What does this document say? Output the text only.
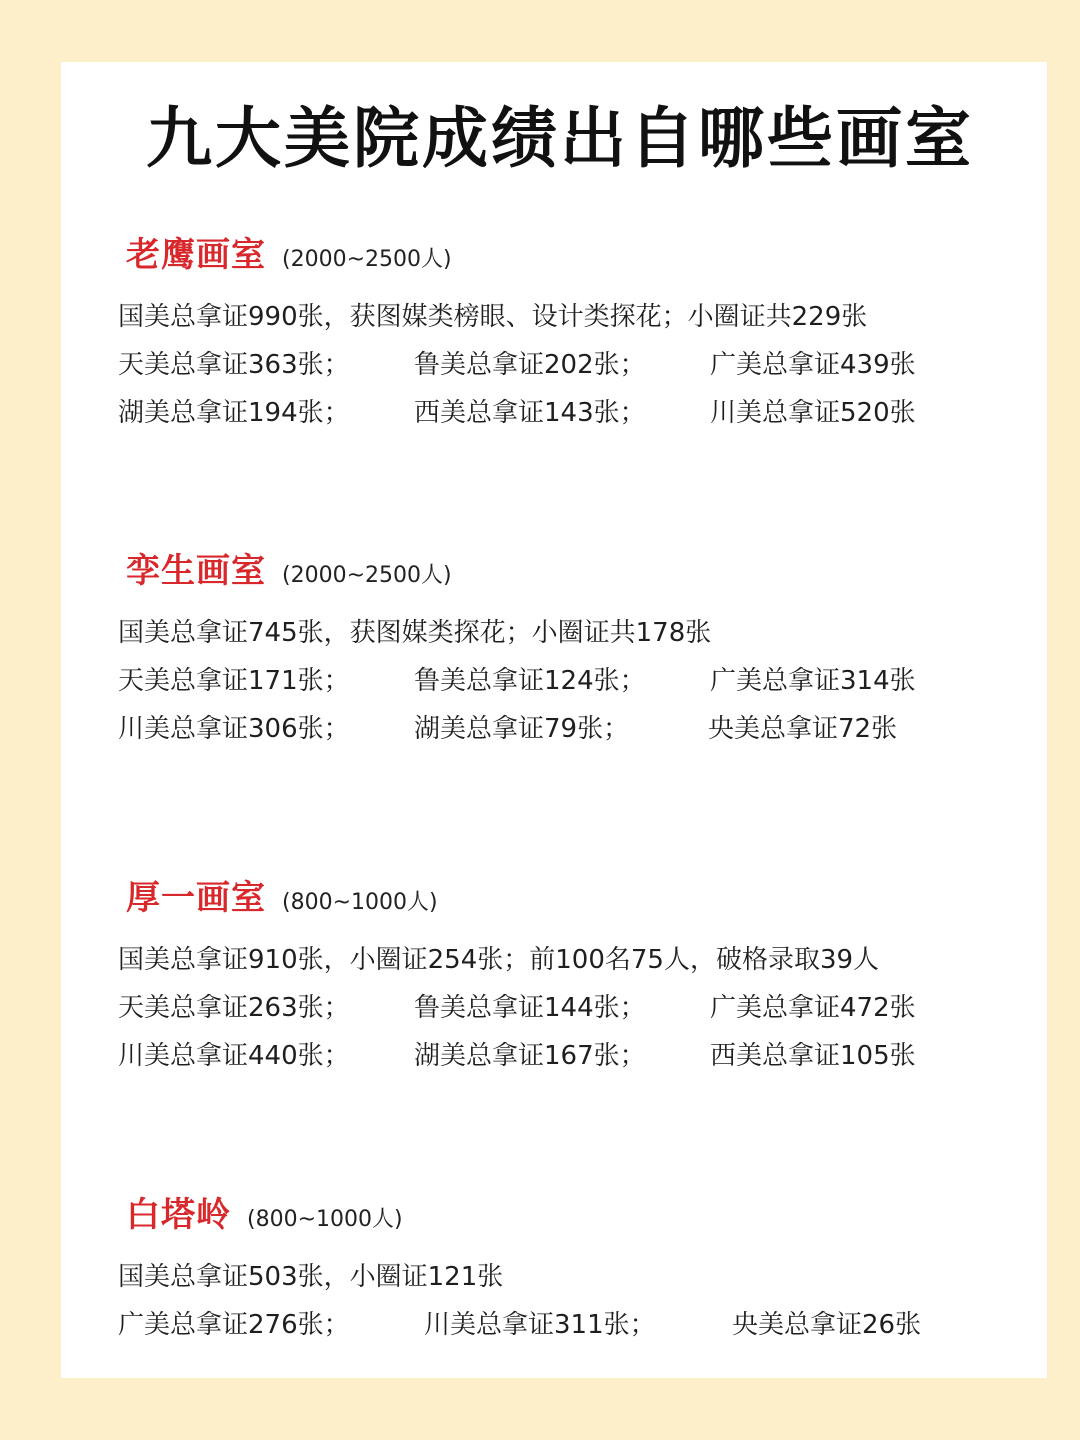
九大美院成绩出自哪些画室
老鹰画室 (2000~2500人)
国美总拿证990张，获图媒类榜眼、设计类探花；小圈证共229张
天美总拿证363张； 鲁美总拿证202张； 广美总拿证439张
湖美总拿证194张； 西美总拿证143张； 川美总拿证520张
孪生画室 (2000~2500人)
国美总拿证745张，获图媒类探花；小圈证共178张
天美总拿证171张； 鲁美总拿证124张； 广美总拿证314张
川美总拿证306张； 湖美总拿证79张；	央美总拿证72张
厚一画室 (800~1000人)
国美总拿证910张，小圈证254张；前100名75人，破格录取39人
天美总拿证263张； 鲁美总拿证144张； 广美总拿证472张
川美总拿证440张； 湖美总拿证167张； 西美总拿证105张
白塔岭 (800~1000人)
国美总拿证503张，小圈证121张
广美总拿证276张；	川美总拿证311张；	央美总拿证26张
